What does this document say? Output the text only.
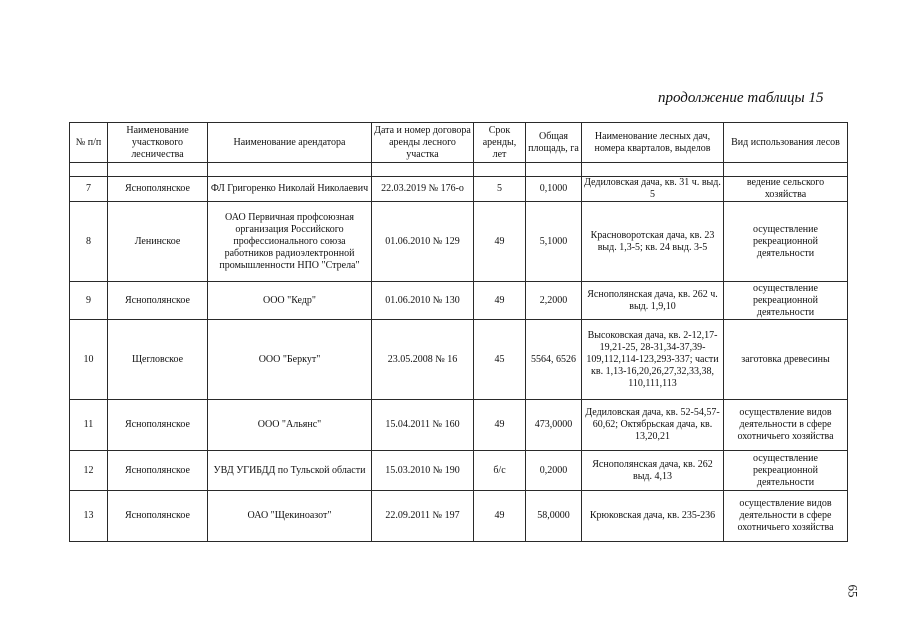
продолжение таблицы 15
№ п/п	Наименование участкового лесничества	Наименование арендатора	Дата и номер договора аренды лесного участка	Срок аренды, лет	Общая площадь, га	Наименование лесных дач, номера кварталов, выделов	Вид использования лесов

7	Яснополянское	ФЛ Григоренко Николай Николаевич	22.03.2019 № 176-о	5	0,1000	Дедиловская дача, кв. 31 ч. выд. 5	ведение сельского хозяйства
8	Ленинское	ОАО Первичная профсоюзная организация Российского профессионального союза работников радиоэлектронной промышленности НПО "Стрела"	01.06.2010 № 129	49	5,1000	Красноворотская дача, кв. 23 выд. 1,3-5; кв. 24 выд. 3-5	осуществление рекреационной деятельности
9	Яснополянское	ООО "Кедр"	01.06.2010 № 130	49	2,2000	Яснополянская дача, кв. 262 ч. выд. 1,9,10	осуществление рекреационной деятельности
10	Щегловское	ООО "Беркут"	23.05.2008 № 16	45	5564, 6526	Высоковская дача, кв. 2-12,17-19,21-25, 28-31,34-37,39-109,112,114-123,293-337; части кв. 1,13-16,20,26,27,32,33,38, 110,111,113	заготовка древесины
11	Яснополянское	ООО "Альянс"	15.04.2011 № 160	49	473,0000	Дедиловская дача, кв. 52-54,57- 60,62; Октябрьская дача, кв. 13,20,21	осуществление видов деятельности в сфере охотничьего хозяйства
12	Яснополянское	УВД УГИБДД по Тульской области	15.03.2010 № 190	б/с	0,2000	Яснополянская дача, кв. 262 выд. 4,13	осуществление рекреационной деятельности
13	Яснополянское	ОАО "Щекиноазот"	22.09.2011 № 197	49	58,0000	Крюковская дача, кв. 235-236	осуществление видов деятельности в сфере охотничьего хозяйства
65
